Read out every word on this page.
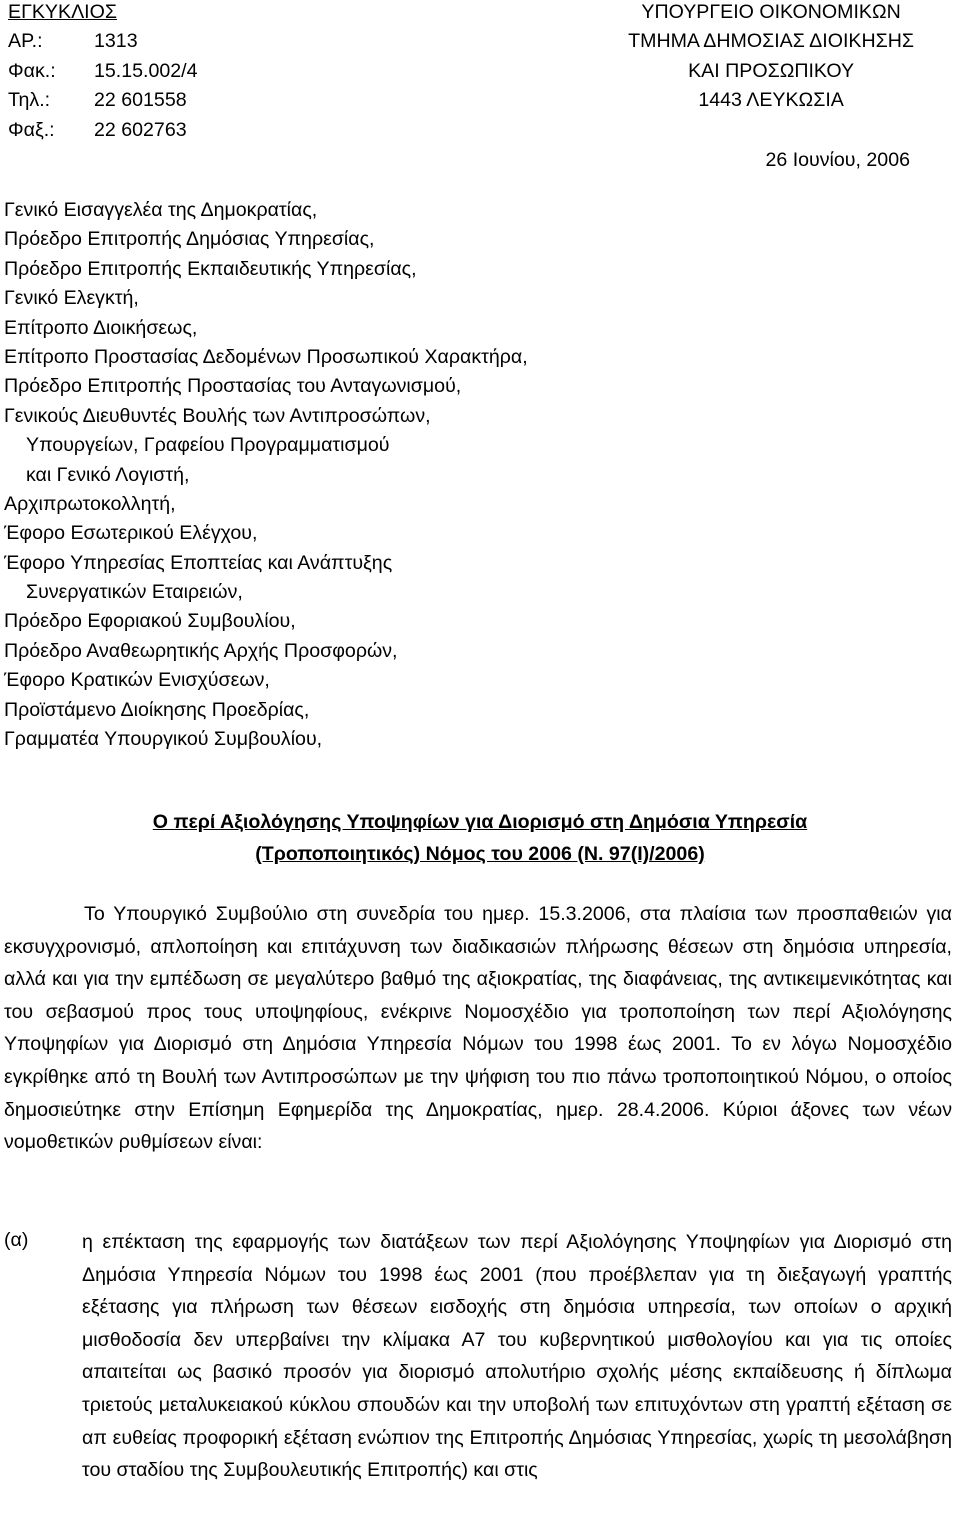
ΕΓΚΥΚΛΙΟΣ
ΑΡ.:	1313
Φακ.: 15.15.002/4
Τηλ.: 22 601558
Φαξ.: 22 602763
ΥΠΟΥΡΓΕΙΟ ΟΙΚΟΝΟΜΙΚΩΝ
ΤΜΗΜΑ ΔΗΜΟΣΙΑΣ ΔΙΟΙΚΗΣΗΣ
ΚΑΙ ΠΡΟΣΩΠΙΚΟΥ
1443 ΛΕΥΚΩΣΙΑ
26 Ιουνίου, 2006
Γενικό Εισαγγελέα της Δημοκρατίας,
Πρόεδρο Επιτροπής Δημόσιας Υπηρεσίας,
Πρόεδρο Επιτροπής Εκπαιδευτικής Υπηρεσίας,
Γενικό Ελεγκτή,
Επίτροπο Διοικήσεως,
Επίτροπο Προστασίας Δεδομένων Προσωπικού Χαρακτήρα,
Πρόεδρο Επιτροπής Προστασίας του Ανταγωνισμού,
Γενικούς Διευθυντές Βουλής των Αντιπροσώπων,
Υπουργείων, Γραφείου Προγραμματισμού
και Γενικό Λογιστή,
Αρχιπρωτοκολλητή,
Έφορο Εσωτερικού Ελέγχου,
Έφορο Υπηρεσίας Εποπτείας και Ανάπτυξης
Συνεργατικών Εταιρειών,
Πρόεδρο Εφοριακού Συμβουλίου,
Πρόεδρο Αναθεωρητικής Αρχής Προσφορών,
Έφορο Κρατικών Ενισχύσεων,
Προϊστάμενο Διοίκησης Προεδρίας,
Γραμματέα Υπουργικού Συμβουλίου,
Ο περί Αξιολόγησης Υποψηφίων για Διορισμό στη Δημόσια Υπηρεσία
(Τροποποιητικός) Νόμος του 2006 (Ν. 97(Ι)/2006)

Το Υπουργικό Συμβούλιο στη συνεδρία του ημερ. 15.3.2006, στα πλαίσια των προσπαθειών για εκσυγχρονισμό, απλοποίηση και επιτάχυνση των διαδικασιών πλήρωσης θέσεων στη δημόσια υπηρεσία, αλλά και για την εμπέδωση σε μεγαλύτερο βαθμό της αξιοκρατίας, της διαφάνειας, της αντικειμενικότητας και του σεβασμού προς τους υποψηφίους, ενέκρινε Νομοσχέδιο για τροποποίηση των περί Αξιολόγησης Υποψηφίων για Διορισμό στη Δημόσια Υπηρεσία Νόμων του 1998 έως 2001. Το εν λόγω Νομοσχέδιο εγκρίθηκε από τη Βουλή των Αντιπροσώπων με την ψήφιση του πιο πάνω τροποποιητικού Νόμου, ο οποίος δημοσιεύτηκε στην Επίσημη Εφημερίδα της Δημοκρατίας, ημερ. 28.4.2006. Κύριοι άξονες των νέων νομοθετικών ρυθμίσεων είναι:

(α)	η επέκταση της εφαρμογής των διατάξεων των περί Αξιολόγησης Υποψηφίων για Διορισμό στη Δημόσια Υπηρεσία Νόμων του 1998 έως 2001 (που προέβλεπαν για τη διεξαγωγή γραπτής εξέτασης για πλήρωση των θέσεων εισδοχής στη δημόσια υπηρεσία, των οποίων ο αρχική μισθοδοσία δεν υπερβαίνει την κλίμακα Α7 του κυβερνητικού μισθολογίου και για τις οποίες απαιτείται ως βασικό προσόν για διορισμό απολυτήριο σχολής μέσης εκπαίδευσης ή δίπλωμα τριετούς μεταλυκειακού κύκλου σπουδών και την υποβολή των επιτυχόντων στη γραπτή εξέταση σε απ ευθείας προφορική εξέταση ενώπιον της Επιτροπής Δημόσιας Υπηρεσίας, χωρίς τη μεσολάβηση του σταδίου της Συμβουλευτικής Επιτροπής) και στις
